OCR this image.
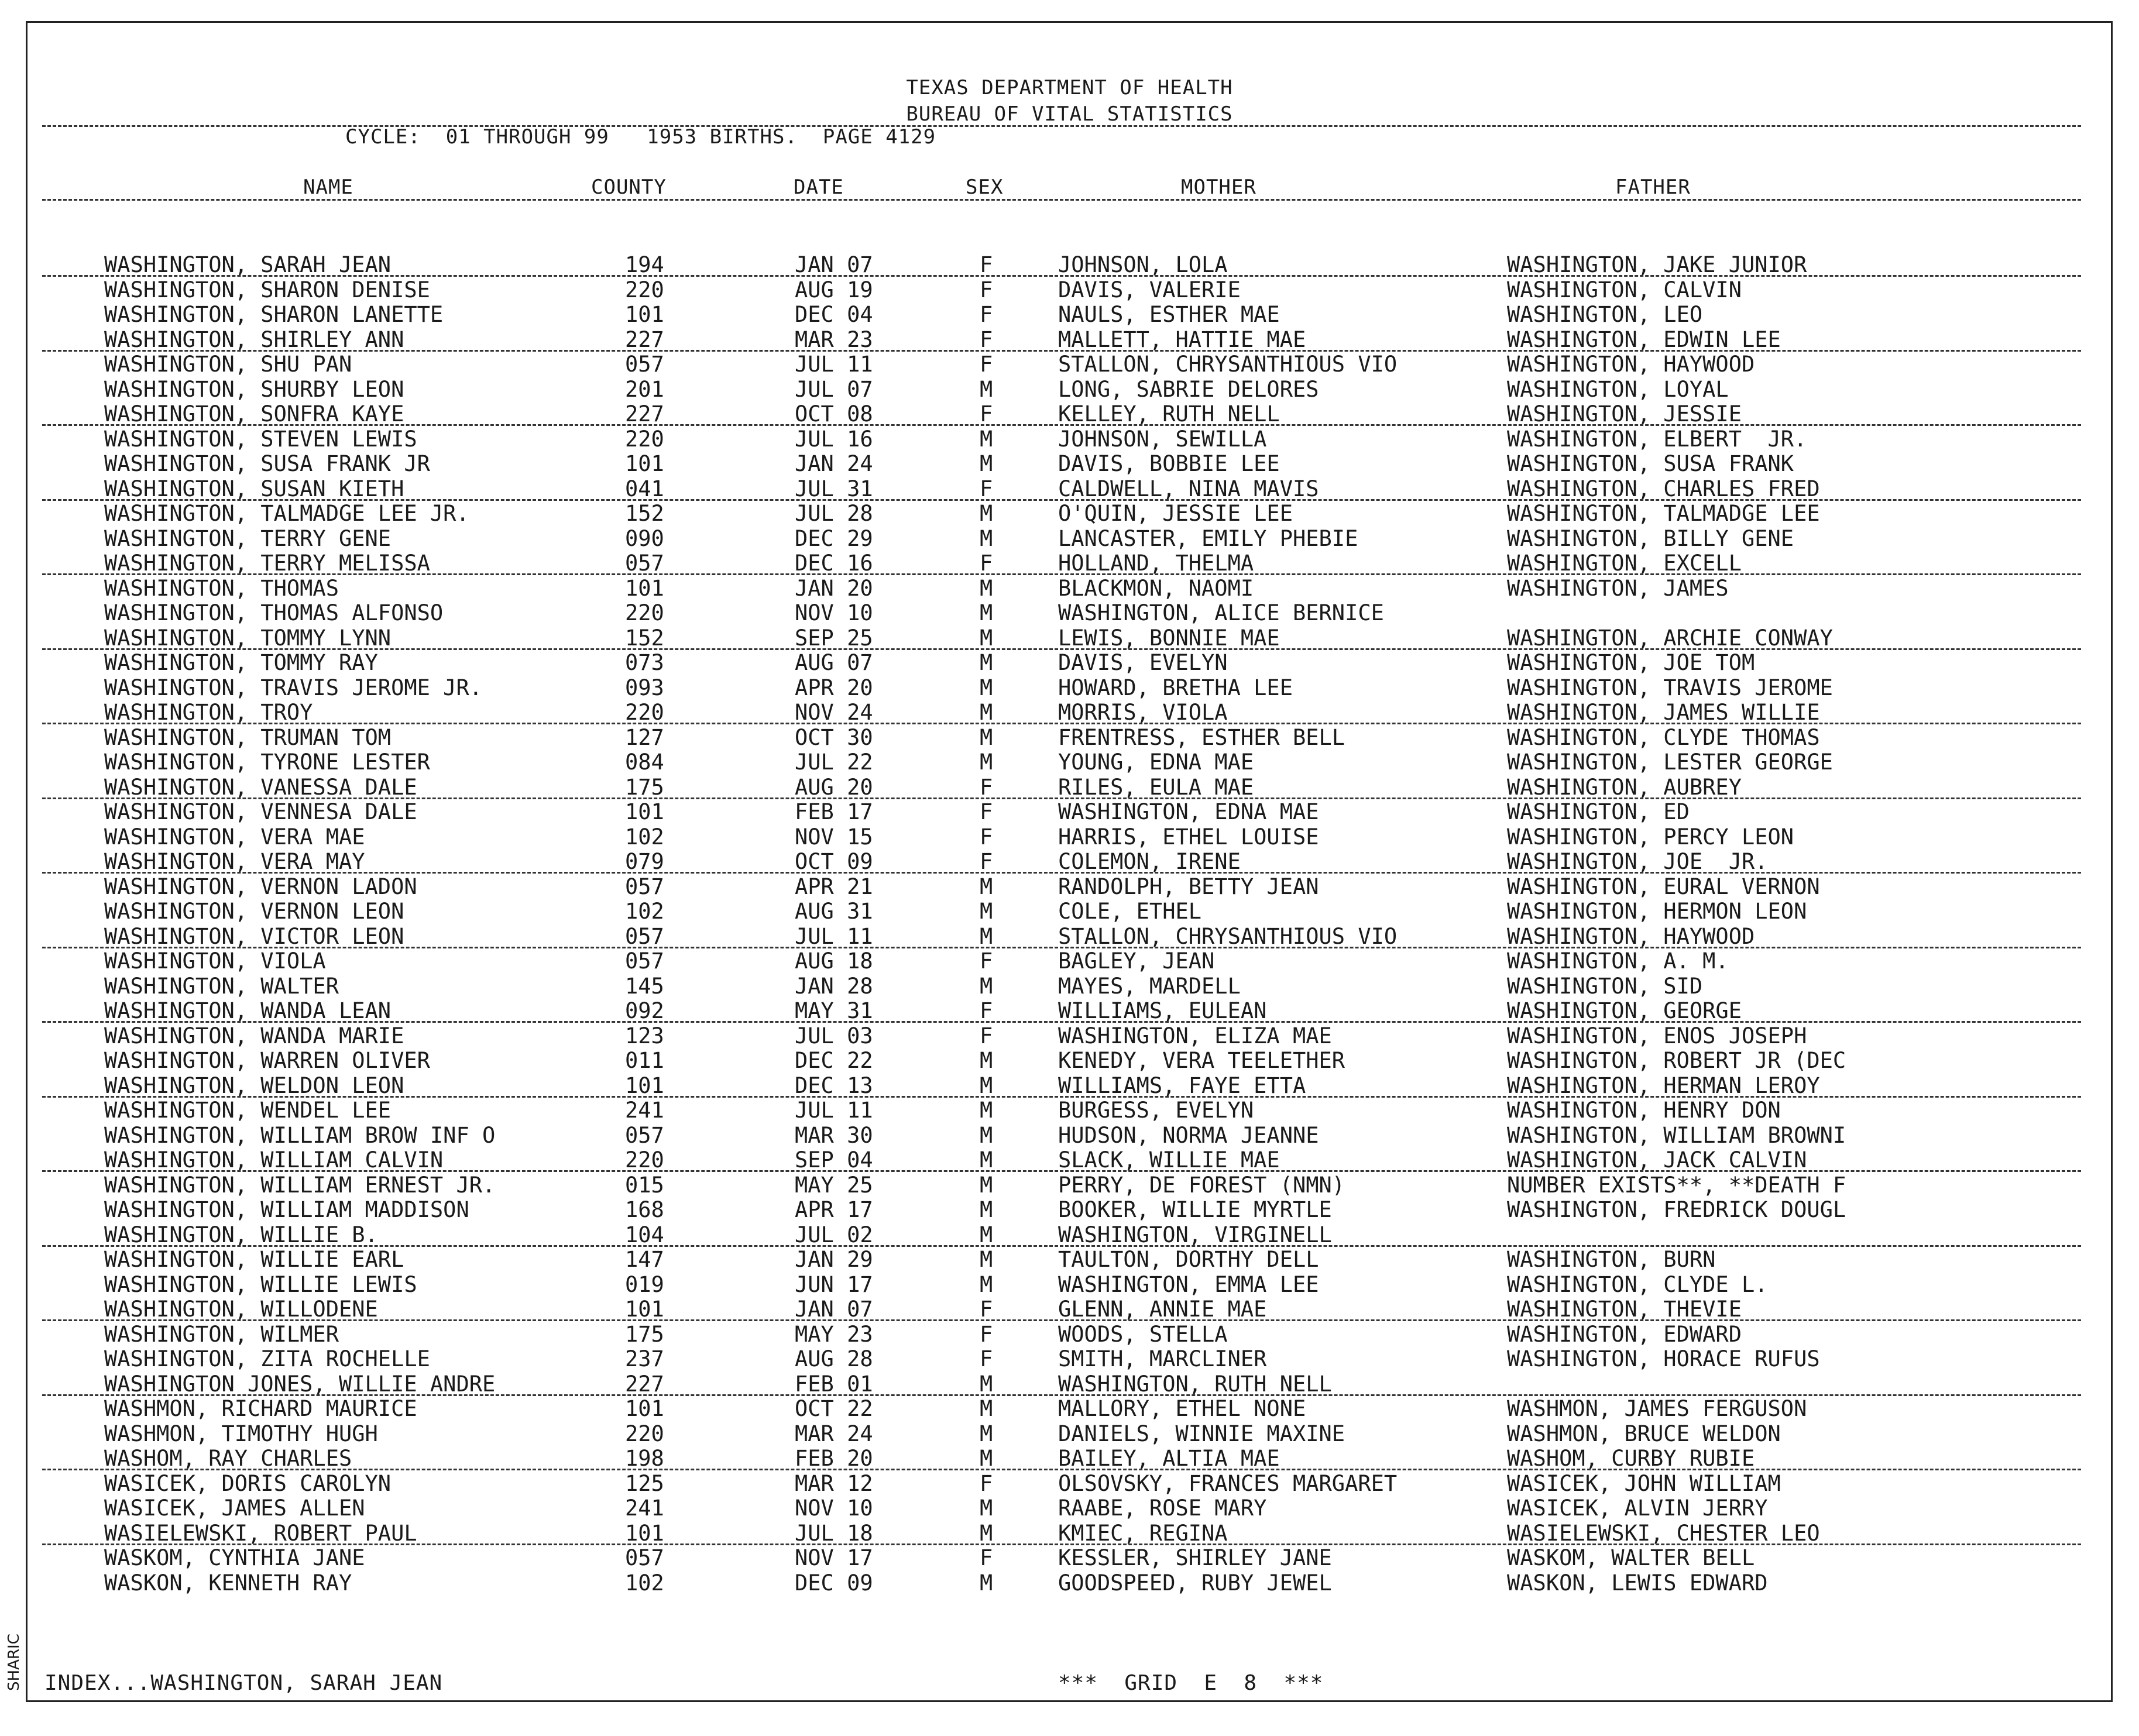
SHARIC
TEXAS DEPARTMENT OF HEALTH
BUREAU OF VITAL STATISTICS
CYCLE:  01 THROUGH 99   1953 BIRTHS.  PAGE 4129
NAME	COUNTY	DATE	SEX	MOTHER	FATHER
WASHINGTON, SARAH JEAN	194	JAN 07	F	JOHNSON, LOLA	WASHINGTON, JAKE JUNIOR
WASHINGTON, SHARON DENISE	220	AUG 19	F	DAVIS, VALERIE	WASHINGTON, CALVIN
WASHINGTON, SHARON LANETTE	101	DEC 04	F	NAULS, ESTHER MAE	WASHINGTON, LEO
WASHINGTON, SHIRLEY ANN	227	MAR 23	F	MALLETT, HATTIE MAE	WASHINGTON, EDWIN LEE
WASHINGTON, SHU PAN	057	JUL 11	F	STALLON, CHRYSANTHIOUS VIO	WASHINGTON, HAYWOOD
WASHINGTON, SHURBY LEON	201	JUL 07	M	LONG, SABRIE DELORES	WASHINGTON, LOYAL
WASHINGTON, SONFRA KAYE	227	OCT 08	F	KELLEY, RUTH NELL	WASHINGTON, JESSIE
WASHINGTON, STEVEN LEWIS	220	JUL 16	M	JOHNSON, SEWILLA	WASHINGTON, ELBERT  JR.
WASHINGTON, SUSA FRANK JR	101	JAN 24	M	DAVIS, BOBBIE LEE	WASHINGTON, SUSA FRANK
WASHINGTON, SUSAN KIETH	041	JUL 31	F	CALDWELL, NINA MAVIS	WASHINGTON, CHARLES FRED
WASHINGTON, TALMADGE LEE JR.	152	JUL 28	M	O'QUIN, JESSIE LEE	WASHINGTON, TALMADGE LEE
WASHINGTON, TERRY GENE	090	DEC 29	M	LANCASTER, EMILY PHEBIE	WASHINGTON, BILLY GENE
WASHINGTON, TERRY MELISSA	057	DEC 16	F	HOLLAND, THELMA	WASHINGTON, EXCELL
WASHINGTON, THOMAS	101	JAN 20	M	BLACKMON, NAOMI	WASHINGTON, JAMES
WASHINGTON, THOMAS ALFONSO	220	NOV 10	M	WASHINGTON, ALICE BERNICE
WASHINGTON, TOMMY LYNN	152	SEP 25	M	LEWIS, BONNIE MAE	WASHINGTON, ARCHIE CONWAY
WASHINGTON, TOMMY RAY	073	AUG 07	M	DAVIS, EVELYN	WASHINGTON, JOE TOM
WASHINGTON, TRAVIS JEROME JR.	093	APR 20	M	HOWARD, BRETHA LEE	WASHINGTON, TRAVIS JEROME
WASHINGTON, TROY	220	NOV 24	M	MORRIS, VIOLA	WASHINGTON, JAMES WILLIE
WASHINGTON, TRUMAN TOM	127	OCT 30	M	FRENTRESS, ESTHER BELL	WASHINGTON, CLYDE THOMAS
WASHINGTON, TYRONE LESTER	084	JUL 22	M	YOUNG, EDNA MAE	WASHINGTON, LESTER GEORGE
WASHINGTON, VANESSA DALE	175	AUG 20	F	RILES, EULA MAE	WASHINGTON, AUBREY
WASHINGTON, VENNESA DALE	101	FEB 17	F	WASHINGTON, EDNA MAE	WASHINGTON, ED
WASHINGTON, VERA MAE	102	NOV 15	F	HARRIS, ETHEL LOUISE	WASHINGTON, PERCY LEON
WASHINGTON, VERA MAY	079	OCT 09	F	COLEMON, IRENE	WASHINGTON, JOE  JR.
WASHINGTON, VERNON LADON	057	APR 21	M	RANDOLPH, BETTY JEAN	WASHINGTON, EURAL VERNON
WASHINGTON, VERNON LEON	102	AUG 31	M	COLE, ETHEL	WASHINGTON, HERMON LEON
WASHINGTON, VICTOR LEON	057	JUL 11	M	STALLON, CHRYSANTHIOUS VIO	WASHINGTON, HAYWOOD
WASHINGTON, VIOLA	057	AUG 18	F	BAGLEY, JEAN	WASHINGTON, A. M.
WASHINGTON, WALTER	145	JAN 28	M	MAYES, MARDELL	WASHINGTON, SID
WASHINGTON, WANDA LEAN	092	MAY 31	F	WILLIAMS, EULEAN	WASHINGTON, GEORGE
WASHINGTON, WANDA MARIE	123	JUL 03	F	WASHINGTON, ELIZA MAE	WASHINGTON, ENOS JOSEPH
WASHINGTON, WARREN OLIVER	011	DEC 22	M	KENEDY, VERA TEELETHER	WASHINGTON, ROBERT JR (DEC
WASHINGTON, WELDON LEON	101	DEC 13	M	WILLIAMS, FAYE ETTA	WASHINGTON, HERMAN LEROY
WASHINGTON, WENDEL LEE	241	JUL 11	M	BURGESS, EVELYN	WASHINGTON, HENRY DON
WASHINGTON, WILLIAM BROW INF O	057	MAR 30	M	HUDSON, NORMA JEANNE	WASHINGTON, WILLIAM BROWNI
WASHINGTON, WILLIAM CALVIN	220	SEP 04	M	SLACK, WILLIE MAE	WASHINGTON, JACK CALVIN
WASHINGTON, WILLIAM ERNEST JR.	015	MAY 25	M	PERRY, DE FOREST (NMN)	NUMBER EXISTS**, **DEATH F
WASHINGTON, WILLIAM MADDISON	168	APR 17	M	BOOKER, WILLIE MYRTLE	WASHINGTON, FREDRICK DOUGL
WASHINGTON, WILLIE B.	104	JUL 02	M	WASHINGTON, VIRGINELL
WASHINGTON, WILLIE EARL	147	JAN 29	M	TAULTON, DORTHY DELL	WASHINGTON, BURN
WASHINGTON, WILLIE LEWIS	019	JUN 17	M	WASHINGTON, EMMA LEE	WASHINGTON, CLYDE L.
WASHINGTON, WILLODENE	101	JAN 07	F	GLENN, ANNIE MAE	WASHINGTON, THEVIE
WASHINGTON, WILMER	175	MAY 23	F	WOODS, STELLA	WASHINGTON, EDWARD
WASHINGTON, ZITA ROCHELLE	237	AUG 28	F	SMITH, MARCLINER	WASHINGTON, HORACE RUFUS
WASHINGTON JONES, WILLIE ANDRE	227	FEB 01	M	WASHINGTON, RUTH NELL
WASHMON, RICHARD MAURICE	101	OCT 22	M	MALLORY, ETHEL NONE	WASHMON, JAMES FERGUSON
WASHMON, TIMOTHY HUGH	220	MAR 24	M	DANIELS, WINNIE MAXINE	WASHMON, BRUCE WELDON
WASHOM, RAY CHARLES	198	FEB 20	M	BAILEY, ALTIA MAE	WASHOM, CURBY RUBIE
WASICEK, DORIS CAROLYN	125	MAR 12	F	OLSOVSKY, FRANCES MARGARET	WASICEK, JOHN WILLIAM
WASICEK, JAMES ALLEN	241	NOV 10	M	RAABE, ROSE MARY	WASICEK, ALVIN JERRY
WASIELEWSKI, ROBERT PAUL	101	JUL 18	M	KMIEC, REGINA	WASIELEWSKI, CHESTER LEO
WASKOM, CYNTHIA JANE	057	NOV 17	F	KESSLER, SHIRLEY JANE	WASKOM, WALTER BELL
WASKON, KENNETH RAY	102	DEC 09	M	GOODSPEED, RUBY JEWEL	WASKON, LEWIS EDWARD
INDEX...WASHINGTON, SARAH JEAN	***  GRID  E  8  ***
